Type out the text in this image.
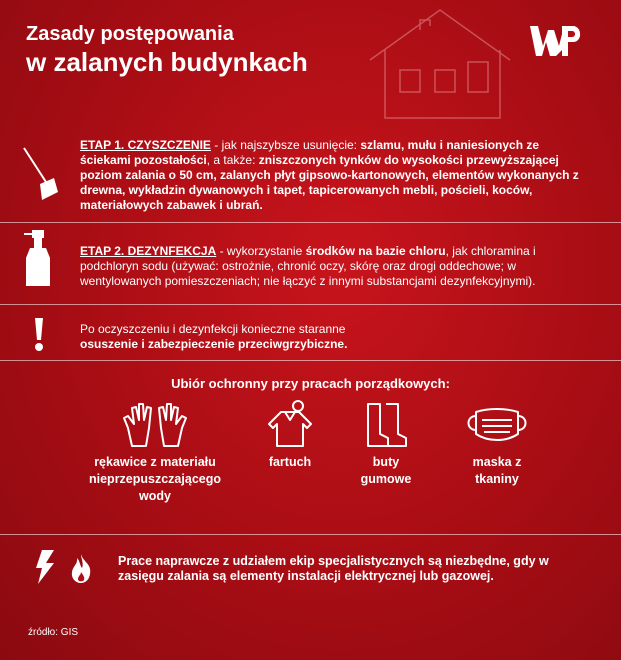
Zasady postępowania
w zalanych budynkach
ETAP 1. CZYSZCZENIE - jak najszybsze usunięcie: szlamu, mułu i naniesionych ze ściekami pozostałości, a także: zniszczonych tynków do wysokości przewyższającej poziom zalania o 50 cm, zalanych płyt gipsowo-kartonowych, elementów wykonanych z drewna, wykładzin dywanowych i tapet, tapicerowanych mebli, pościeli, koców, materiałowych zabawek i ubrań.
ETAP 2. DEZYNFEKCJA - wykorzystanie środków na bazie chloru, jak chloramina i podchloryn sodu (używać: ostrożnie, chronić oczy, skórę oraz drogi oddechowe; w wentylowanych pomieszczeniach; nie łączyć z innymi substancjami dezynfekcyjnymi).
Po oczyszczeniu i dezynfekcji konieczne staranne osuszenie i zabezpieczenie przeciwgrzybiczne.
Ubiór ochronny przy pracach porządkowych:
rękawice z materiału nieprzepuszczającego wody
fartuch	buty gumowe
maska z tkaniny
Prace naprawcze z udziałem ekip specjalistycznych są niezbędne, gdy w zasięgu zalania są elementy instalacji elektrycznej lub gazowej.
źródło: GIS
